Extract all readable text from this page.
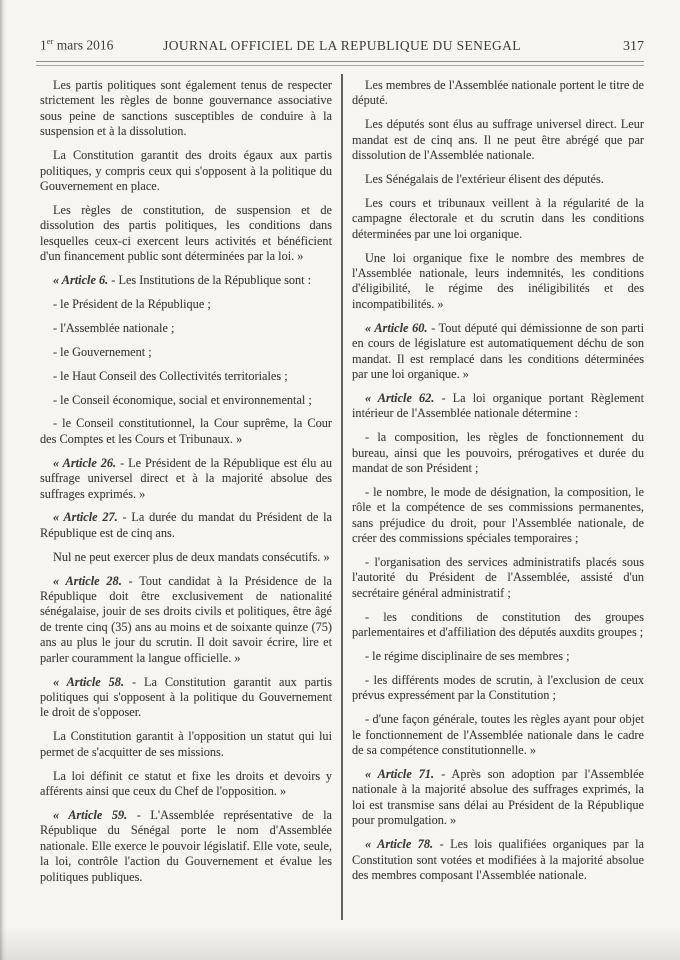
1er mars 2016	JOURNAL OFFICIEL DE LA REPUBLIQUE DU SENEGAL	317

Les partis politiques sont également tenus de respecter strictement les règles de bonne gouvernance associative sous peine de sanctions susceptibles de conduire à la suspension et à la dissolution.

La Constitution garantit des droits égaux aux partis politiques, y compris ceux qui s'opposent à la politique du Gouvernement en place.

Les règles de constitution, de suspension et de dissolution des partis politiques, les conditions dans lesquelles ceux-ci exercent leurs activités et bénéficient d'un financement public sont déterminées par la loi. »

« Article 6. - Les Institutions de la République sont :

- le Président de la République ;

- l'Assemblée nationale ;

- le Gouvernement ;

- le Haut Conseil des Collectivités territoriales ;

- le Conseil économique, social et environnemental ;

- le Conseil constitutionnel, la Cour suprême, la Cour des Comptes et les Cours et Tribunaux. »

« Article 26. - Le Président de la République est élu au suffrage universel direct et à la majorité absolue des suffrages exprimés. »

« Article 27. - La durée du mandat du Président de la République est de cinq ans.

Nul ne peut exercer plus de deux mandats consécutifs. »

« Article 28. - Tout candidat à la Présidence de la République doit être exclusivement de nationalité sénégalaise, jouir de ses droits civils et politiques, être âgé de trente cinq (35) ans au moins et de soixante quinze (75) ans au plus le jour du scrutin. Il doit savoir écrire, lire et parler couramment la langue officielle. »

« Article 58. - La Constitution garantit aux partis politiques qui s'opposent à la politique du Gouvernement le droit de s'opposer.

La Constitution garantit à l'opposition un statut qui lui permet de s'acquitter de ses missions.

La loi définit ce statut et fixe les droits et devoirs y afférents ainsi que ceux du Chef de l'opposition. »

« Article 59. - L'Assemblée représentative de la République du Sénégal porte le nom d'Assemblée nationale. Elle exerce le pouvoir législatif. Elle vote, seule, la loi, contrôle l'action du Gouvernement et évalue les politiques publiques.

Les membres de l'Assemblée nationale portent le titre de député.

Les députés sont élus au suffrage universel direct. Leur mandat est de cinq ans. Il ne peut être abrégé que par dissolution de l'Assemblée nationale.

Les Sénégalais de l'extérieur élisent des députés.

Les cours et tribunaux veillent à la régularité de la campagne électorale et du scrutin dans les conditions déterminées par une loi organique.

Une loi organique fixe le nombre des membres de l'Assemblée nationale, leurs indemnités, les conditions d'éligibilité, le régime des inéligibilités et des incompatibilités. »

« Article 60. - Tout député qui démissionne de son parti en cours de législature est automatiquement déchu de son mandat. Il est remplacé dans les conditions déterminées par une loi organique. »

« Article 62. - La loi organique portant Règlement intérieur de l'Assemblée nationale détermine :

- la composition, les règles de fonctionnement du bureau, ainsi que les pouvoirs, prérogatives et durée du mandat de son Président ;

- le nombre, le mode de désignation, la composition, le rôle et la compétence de ses commissions permanentes, sans préjudice du droit, pour l'Assemblée nationale, de créer des commissions spéciales temporaires ;

- l'organisation des services administratifs placés sous l'autorité du Président de l'Assemblée, assisté d'un secrétaire général administratif ;

- les conditions de constitution des groupes parlementaires et d'affiliation des députés auxdits groupes ;

- le régime disciplinaire de ses membres ;

- les différents modes de scrutin, à l'exclusion de ceux prévus expressément par la Constitution ;

- d'une façon générale, toutes les règles ayant pour objet le fonctionnement de l'Assemblée nationale dans le cadre de sa compétence constitutionnelle. »

« Article 71. - Après son adoption par l'Assemblée nationale à la majorité absolue des suffrages exprimés, la loi est transmise sans délai au Président de la République pour promulgation. »

« Article 78. - Les lois qualifiées organiques par la Constitution sont votées et modifiées à la majorité absolue des membres composant l'Assemblée nationale.
